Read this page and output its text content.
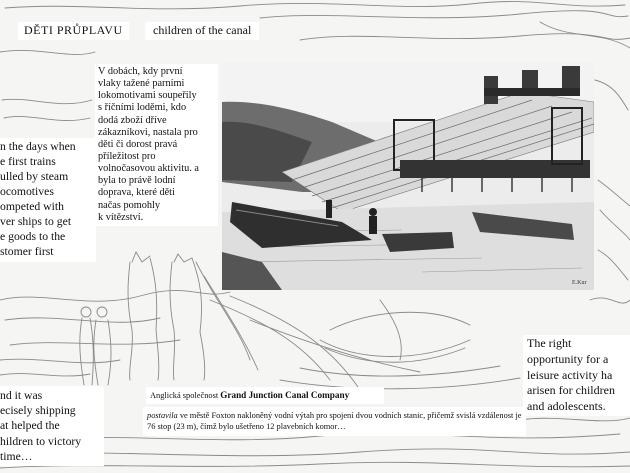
DĚTI PRŮPLAVU	children of the canal
V dobách, kdy první
vlaky tažené parními
lokomotivami soupeřily
s říčními loděmi, kdo
dodá zboží dříve
zákazníkovi, nastala pro
děti či dorost pravá
příležitost pro
volnočasovou aktivitu. a
byla to právě lodní
doprava, které děti
načas pomohly
k vítězství.
n the days when
e first trains
ulled by steam
ocomotives
ompeted with
ver ships to get
e goods to the
stomer first
nd it was
ecisely shipping
at helped the
hildren to victory
time…
The right
opportunity for a
leisure activity ha
arisen for children
and adolescents.
E.Kur
Anglická společnost Grand Junction Canal Company
postavila ve městě Foxton nakloněný vodní výtah pro spojení dvou vodních stanic, přičemž svislá vzdálenost je
76 stop (23 m), čímž bylo ušetřeno 12 plavebních komor…
